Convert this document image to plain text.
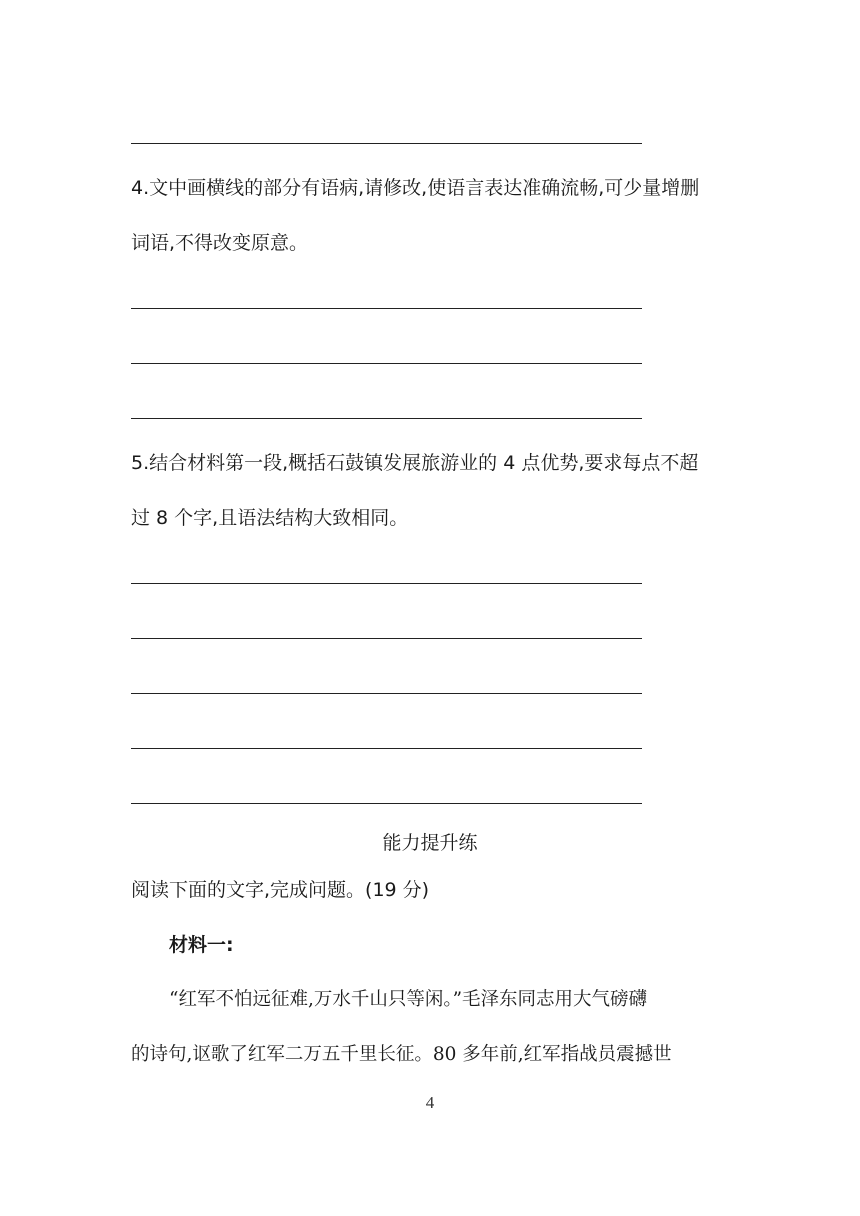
4.文中画横线的部分有语病,请修改,使语言表达准确流畅,可少量增删
词语,不得改变原意。
5.结合材料第一段,概括石鼓镇发展旅游业的 4 点优势,要求每点不超
过 8 个字,且语法结构大致相同。
能力提升练
阅读下面的文字,完成问题。(19 分)
材料一:
“红军不怕远征难,万水千山只等闲。”毛泽东同志用大气磅礴
的诗句,讴歌了红军二万五千里长征。80 多年前,红军指战员震撼世
4
